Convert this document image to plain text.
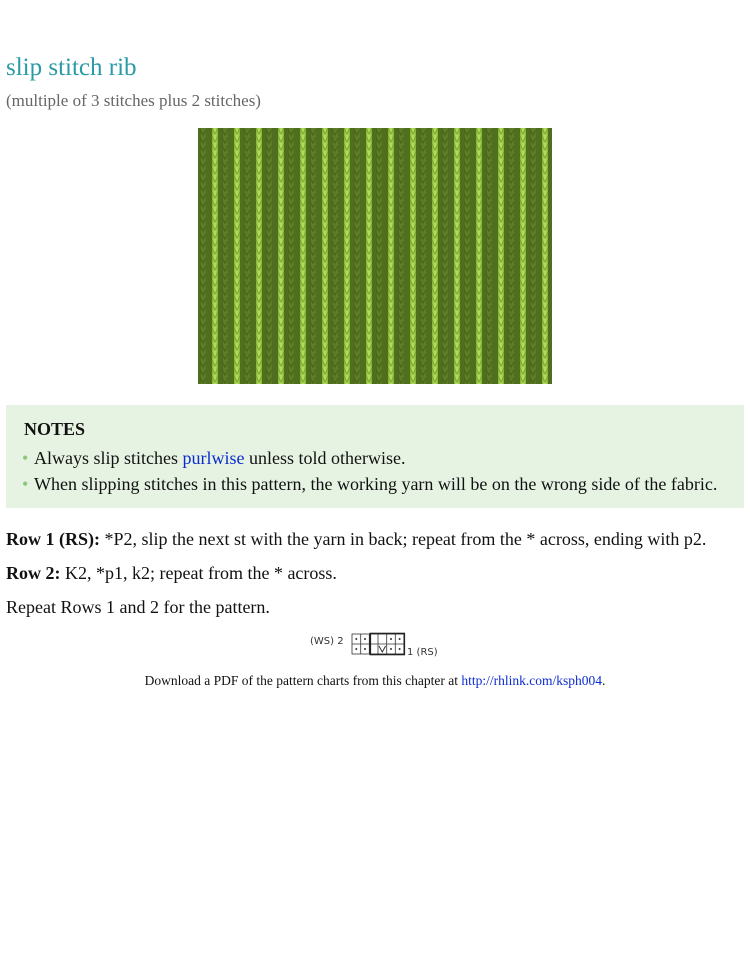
slip stitch rib

(multiple of 3 stitches plus 2 stitches)

NOTES
• Always slip stitches purlwise unless told otherwise.
• When slipping stitches in this pattern, the working yarn will be on the wrong side of the fabric.

Row 1 (RS): *P2, slip the next st with the yarn in back; repeat from the * across, ending with p2.

Row 2: K2, *p1, k2; repeat from the * across.

Repeat Rows 1 and 2 for the pattern.

(WS) 2
1 (RS)

Download a PDF of the pattern charts from this chapter at http://rhlink.com/ksph004.
